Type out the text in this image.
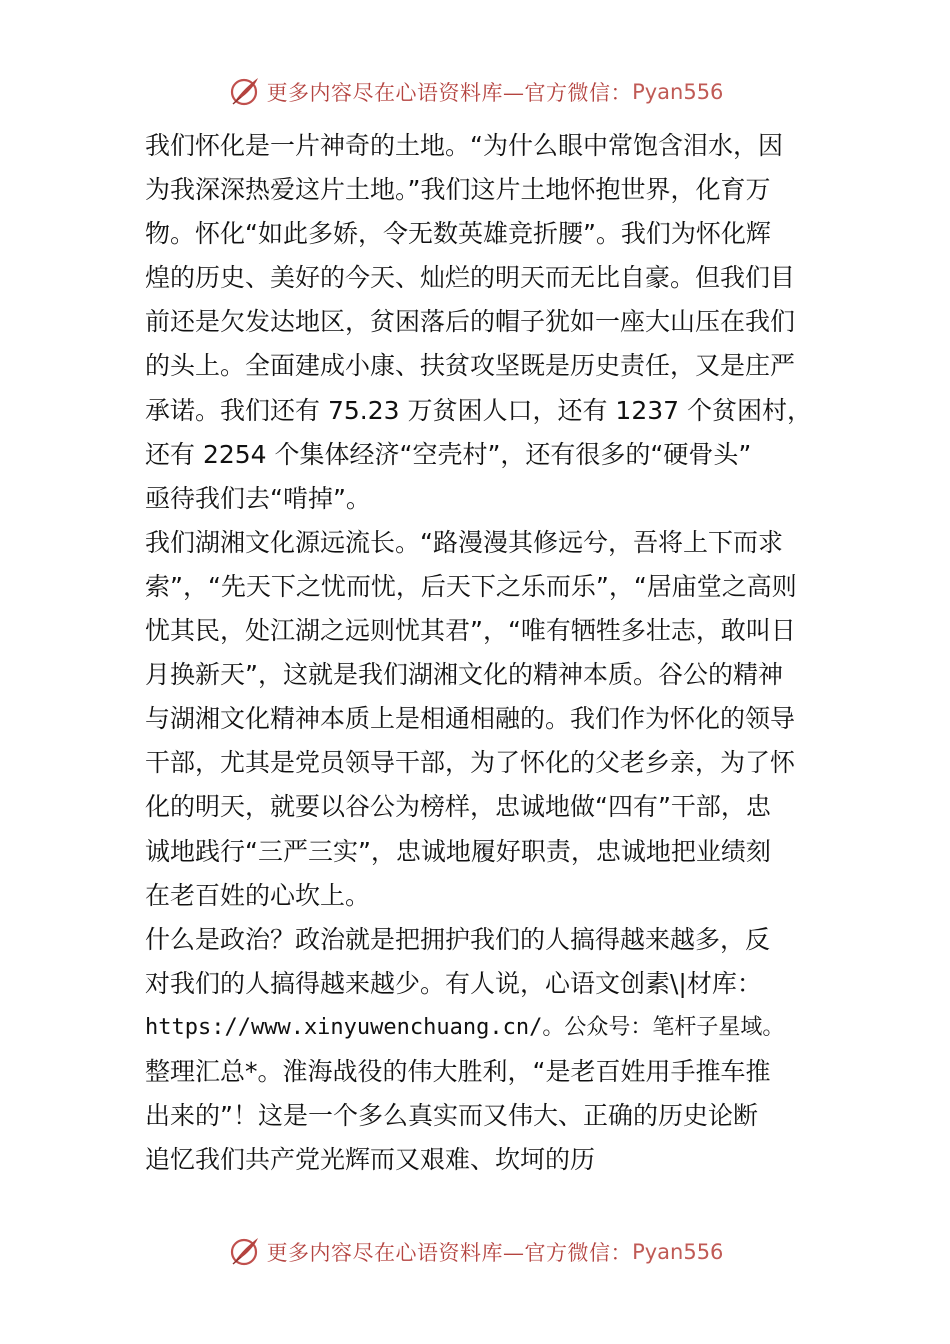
更多内容尽在心语资料库—官方微信： Pyan556
我们怀化是一片神奇的土地。“为什么眼中常饱含泪水，因
为我深深热爱这片土地。”我们这片土地怀抱世界，化育万
物。怀化“如此多娇，令无数英雄竞折腰”。我们为怀化辉
煌的历史、美好的今天、灿烂的明天而无比自豪。但我们目
前还是欠发达地区，贫困落后的帽子犹如一座大山压在我们
的头上。全面建成小康、扶贫攻坚既是历史责任，又是庄严
承诺。我们还有 75.23 万贫困人口，还有 1237 个贫困村，
还有 2254 个集体经济“空壳村”，还有很多的“硬骨头”
亟待我们去“啃掉”。
我们湖湘文化源远流长。“路漫漫其修远兮，吾将上下而求
索”，“先天下之忧而忧，后天下之乐而乐”，“居庙堂之高则
忧其民，处江湖之远则忧其君”，“唯有牺牲多壮志，敢叫日
月换新天”，这就是我们湖湘文化的精神本质。谷公的精神
与湖湘文化精神本质上是相通相融的。我们作为怀化的领导
干部，尤其是党员领导干部，为了怀化的父老乡亲，为了怀
化的明天，就要以谷公为榜样，忠诚地做“四有”干部，忠
诚地践行“三严三实”，忠诚地履好职责，忠诚地把业绩刻
在老百姓的心坎上。
什么是政治？政治就是把拥护我们的人搞得越来越多，反
对我们的人搞得越来越少。有人说，心语文创素\|材库：
https://www.xinyuwenchuang.cn/。公众号：笔杆子星域。
整理汇总*。淮海战役的伟大胜利，“是老百姓用手推车推
出来的”！这是一个多么真实而又伟大、正确的历史论断
追忆我们共产党光辉而又艰难、坎坷的历
更多内容尽在心语资料库—官方微信： Pyan556
